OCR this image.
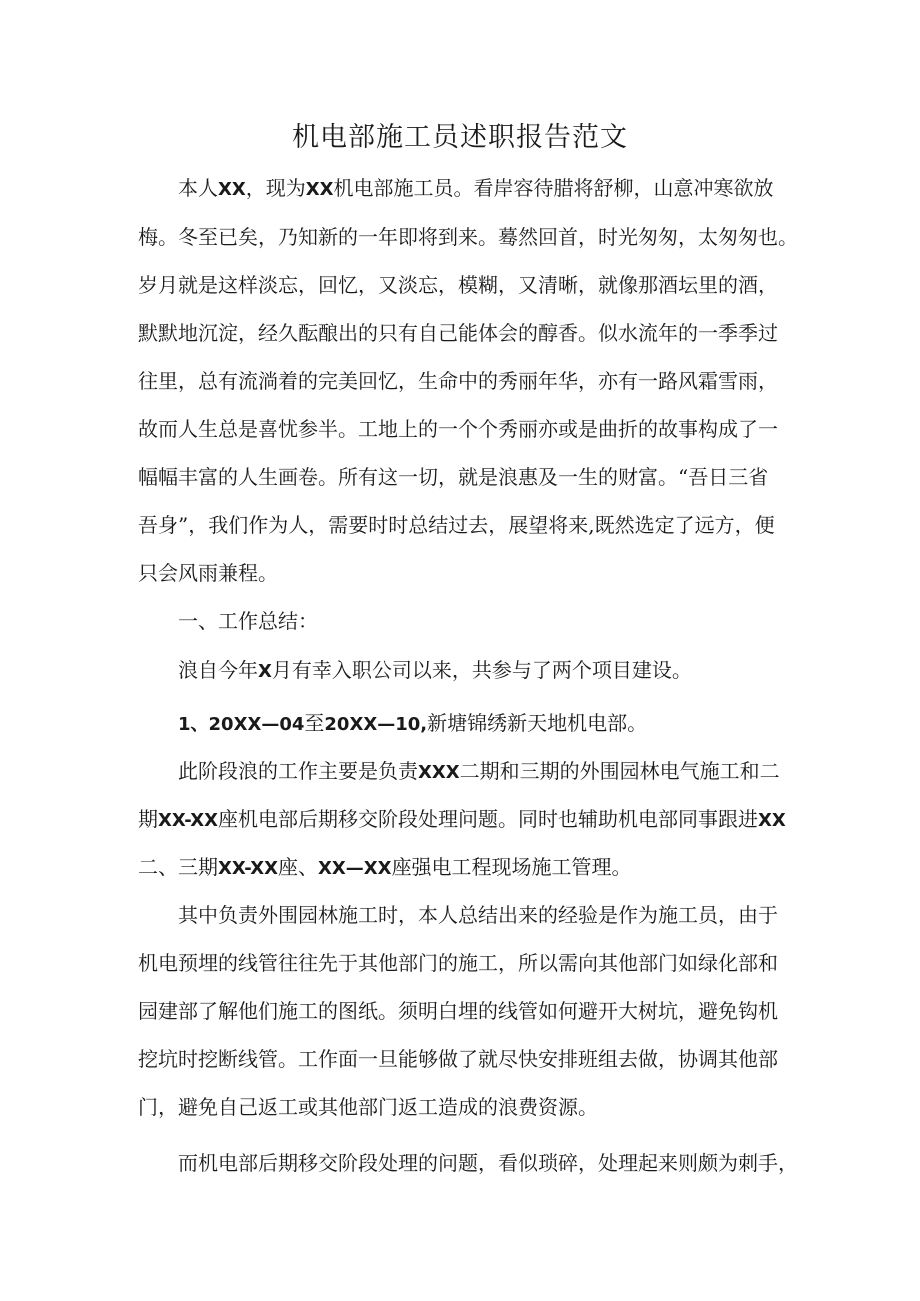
机电部施工员述职报告范文
本人XX，现为XX机电部施工员。看岸容待腊将舒柳，山意冲寒欲放
梅。冬至已矣，乃知新的一年即将到来。蓦然回首，时光匆匆，太匆匆也。
岁月就是这样淡忘，回忆，又淡忘，模糊，又清晰，就像那酒坛里的酒，
默默地沉淀，经久酝酿出的只有自己能体会的醇香。似水流年的一季季过
往里，总有流淌着的完美回忆，生命中的秀丽年华，亦有一路风霜雪雨，
故而人生总是喜忧参半。工地上的一个个秀丽亦或是曲折的故事构成了一
幅幅丰富的人生画卷。所有这一切，就是浪惠及一生的财富。“吾日三省
吾身”，我们作为人，需要时时总结过去，展望将来,既然选定了远方，便
只会风雨兼程。
一、工作总结：
浪自今年X月有幸入职公司以来，共参与了两个项目建设。
1、20XX—04至20XX—10,新塘锦绣新天地机电部。
此阶段浪的工作主要是负责XXX二期和三期的外围园林电气施工和二
期XX-XX座机电部后期移交阶段处理问题。同时也辅助机电部同事跟进XX
二、三期XX-XX座、XX—XX座强电工程现场施工管理。
其中负责外围园林施工时，本人总结出来的经验是作为施工员，由于
机电预埋的线管往往先于其他部门的施工，所以需向其他部门如绿化部和
园建部了解他们施工的图纸。须明白埋的线管如何避开大树坑，避免钩机
挖坑时挖断线管。工作面一旦能够做了就尽快安排班组去做，协调其他部
门，避免自己返工或其他部门返工造成的浪费资源。
而机电部后期移交阶段处理的问题，看似琐碎，处理起来则颇为刺手，
